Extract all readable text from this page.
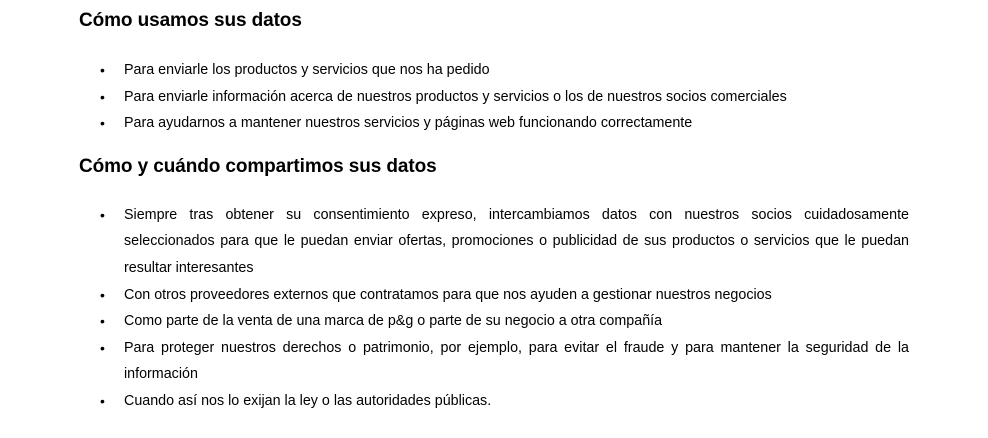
Cómo usamos sus datos
• Para enviarle los productos y servicios que nos ha pedido
• Para enviarle información acerca de nuestros productos y servicios o los de nuestros socios comerciales
• Para ayudarnos a mantener nuestros servicios y páginas web funcionando correctamente
Cómo y cuándo compartimos sus datos
• Siempre tras obtener su consentimiento expreso, intercambiamos datos con nuestros socios cuidadosamente seleccionados para que le puedan enviar ofertas, promociones o publicidad de sus productos o servicios que le puedan resultar interesantes
• Con otros proveedores externos que contratamos para que nos ayuden a gestionar nuestros negocios
• Como parte de la venta de una marca de p&g o parte de su negocio a otra compañía
• Para proteger nuestros derechos o patrimonio, por ejemplo, para evitar el fraude y para mantener la seguridad de la información
• Cuando así nos lo exijan la ley o las autoridades públicas.
